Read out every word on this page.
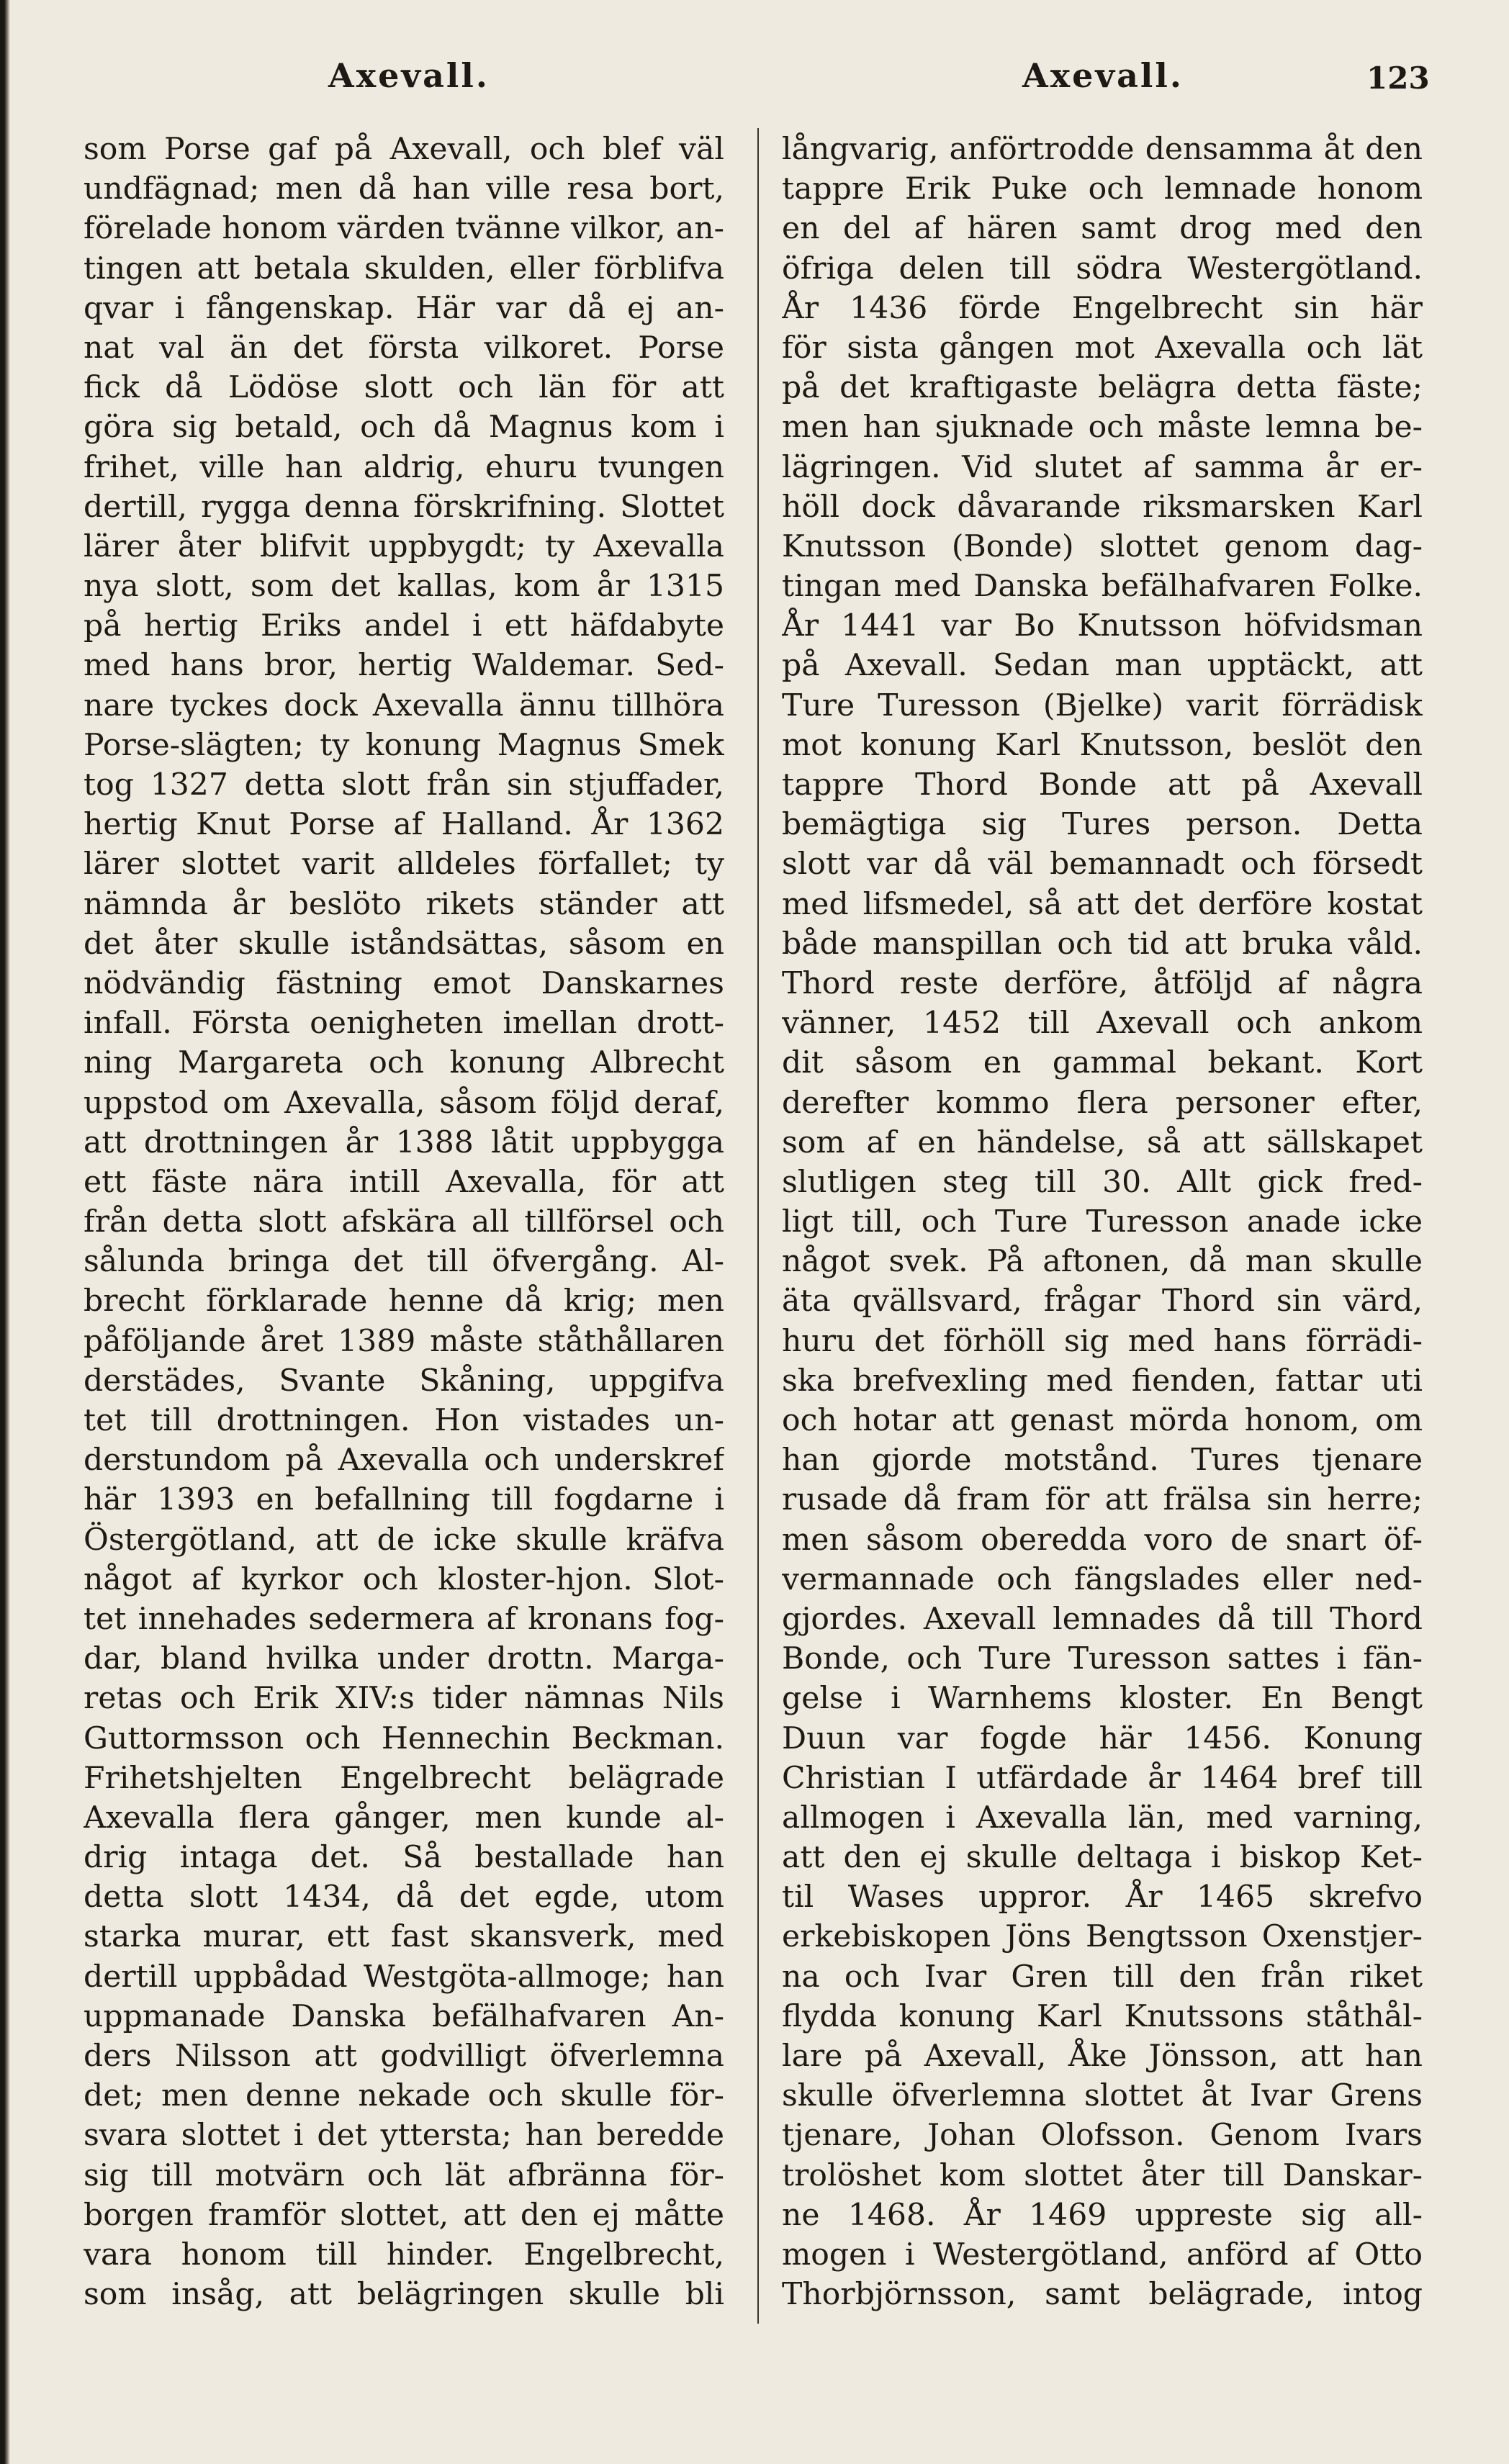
Axevall.	Axevall.	123
som Porse gaf på Axevall, och blef väl
undfägnad; men då han ville resa bort,
förelade honom värden tvänne vilkor, an-
tingen att betala skulden, eller förblifva
qvar i fångenskap. Här var då ej an-
nat val än det första vilkoret. Porse
fick då Lödöse slott och län för att
göra sig betald, och då Magnus kom i
frihet, ville han aldrig, ehuru tvungen
dertill, rygga denna förskrifning. Slottet
lärer åter blifvit uppbygdt; ty Axevalla
nya slott, som det kallas, kom år 1315
på hertig Eriks andel i ett häfdabyte
med hans bror, hertig Waldemar. Sed-
nare tyckes dock Axevalla ännu tillhöra
Porse-slägten; ty konung Magnus Smek
tog 1327 detta slott från sin stjuffader,
hertig Knut Porse af Halland. År 1362
lärer slottet varit alldeles förfallet; ty
nämnda år beslöto rikets ständer att
det åter skulle iståndsättas, såsom en
nödvändig fästning emot Danskarnes
infall. Första oenigheten imellan drott-
ning Margareta och konung Albrecht
uppstod om Axevalla, såsom följd deraf,
att drottningen år 1388 låtit uppbygga
ett fäste nära intill Axevalla, för att
från detta slott afskära all tillförsel och
sålunda bringa det till öfvergång. Al-
brecht förklarade henne då krig; men
påföljande året 1389 måste ståthållaren
derstädes, Svante Skåning, uppgifva
tet till drottningen. Hon vistades un-
derstundom på Axevalla och underskref
här 1393 en befallning till fogdarne i
Östergötland, att de icke skulle kräfva
något af kyrkor och kloster-hjon. Slot-
tet innehades sedermera af kronans fog-
dar, bland hvilka under drottn. Marga-
retas och Erik XIV:s tider nämnas Nils
Guttormsson och Hennechin Beckman.
Frihetshjelten Engelbrecht belägrade
Axevalla flera gånger, men kunde al-
drig intaga det. Så bestallade han
detta slott 1434, då det egde, utom
starka murar, ett fast skansverk, med
dertill uppbådad Westgöta-allmoge; han
uppmanade Danska befälhafvaren An-
ders Nilsson att godvilligt öfverlemna
det; men denne nekade och skulle för-
svara slottet i det yttersta; han beredde
sig till motvärn och lät afbränna för-
borgen framför slottet, att den ej måtte
vara honom till hinder. Engelbrecht,
som insåg, att belägringen skulle bli
långvarig, anförtrodde densamma åt den
tappre Erik Puke och lemnade honom
en del af hären samt drog med den
öfriga delen till södra Westergötland.
År 1436 förde Engelbrecht sin här
för sista gången mot Axevalla och lät
på det kraftigaste belägra detta fäste;
men han sjuknade och måste lemna be-
lägringen. Vid slutet af samma år er-
höll dock dåvarande riksmarsken Karl
Knutsson (Bonde) slottet genom dag-
tingan med Danska befälhafvaren Folke.
År 1441 var Bo Knutsson höfvidsman
på Axevall. Sedan man upptäckt, att
Ture Turesson (Bjelke) varit förrädisk
mot konung Karl Knutsson, beslöt den
tappre Thord Bonde att på Axevall
bemägtiga sig Tures person. Detta
slott var då väl bemannadt och försedt
med lifsmedel, så att det derföre kostat
både manspillan och tid att bruka våld.
Thord reste derföre, åtföljd af några
vänner, 1452 till Axevall och ankom
dit såsom en gammal bekant. Kort
derefter kommo flera personer efter,
som af en händelse, så att sällskapet
slutligen steg till 30. Allt gick fred-
ligt till, och Ture Turesson anade icke
något svek. På aftonen, då man skulle
äta qvällsvard, frågar Thord sin värd,
huru det förhöll sig med hans förrädi-
ska brefvexling med fienden, fattar uti
och hotar att genast mörda honom, om
han gjorde motstånd. Tures tjenare
rusade då fram för att frälsa sin herre;
men såsom oberedda voro de snart öf-
vermannade och fängslades eller ned-
gjordes. Axevall lemnades då till Thord
Bonde, och Ture Turesson sattes i fän-
gelse i Warnhems kloster. En Bengt
Duun var fogde här 1456. Konung
Christian I utfärdade år 1464 bref till
allmogen i Axevalla län, med varning,
att den ej skulle deltaga i biskop Ket-
til Wases uppror. År 1465 skrefvo
erkebiskopen Jöns Bengtsson Oxenstjer-
na och Ivar Gren till den från riket
flydda konung Karl Knutssons ståthål-
lare på Axevall, Åke Jönsson, att han
skulle öfverlemna slottet åt Ivar Grens
tjenare, Johan Olofsson. Genom Ivars
trolöshet kom slottet åter till Danskar-
ne 1468. År 1469 uppreste sig all-
mogen i Westergötland, anförd af Otto
Thorbjörnsson, samt belägrade, intog
